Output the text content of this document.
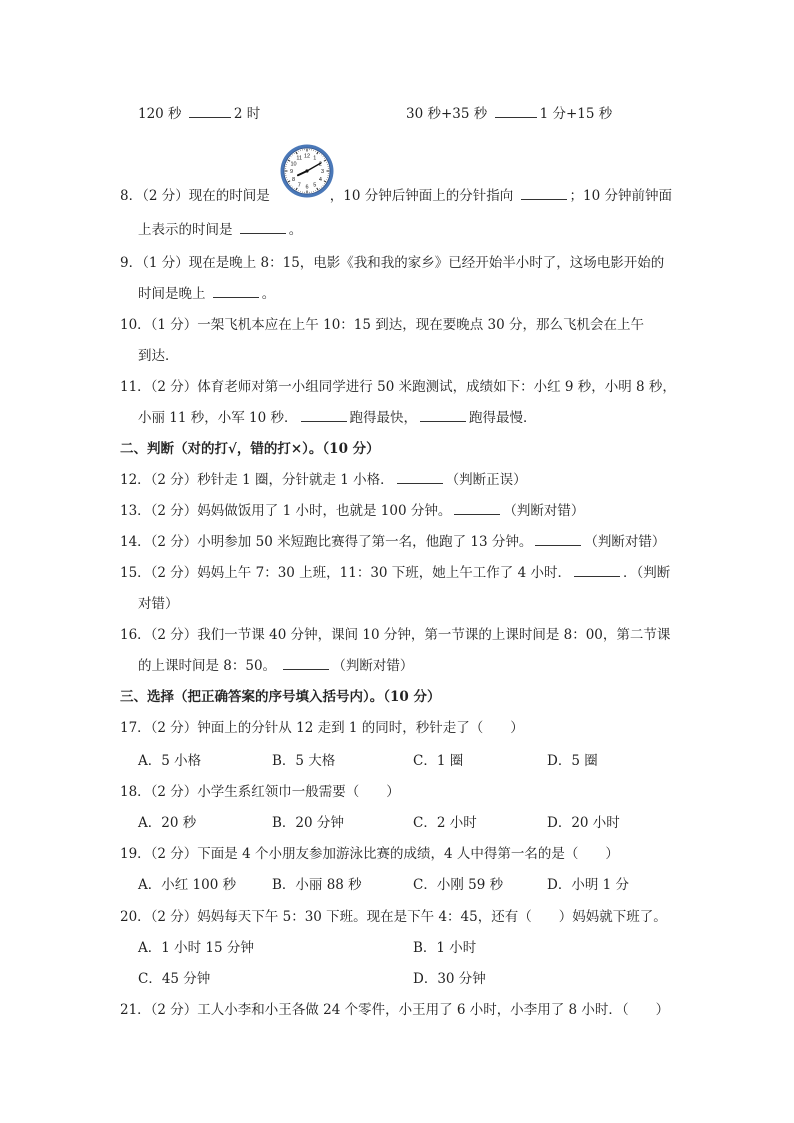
120 秒	2 时	30 秒+35 秒	1 分+15 秒
12 1
2
3
4
5
6
7
8
9
10
11
8．（2 分）现在的时间是	，10 分钟后钟面上的分针指向	；10 分钟前钟面
上表示的时间是	。
9．（1 分）现在是晚上 8：15，电影《我和我的家乡》已经开始半小时了，这场电影开始的
时间是晚上	。
10．（1 分）一架飞机本应在上午 10：15 到达，现在要晚点 30 分，那么飞机会在上午
到达．
11．（2 分）体育老师对第一小组同学进行 50 米跑测试，成绩如下：小红 9 秒，小明 8 秒，
小丽 11 秒，小军 10 秒．	跑得最快，	跑得最慢．
二、判断（对的打√，错的打×）。（10 分）
12．（2 分）秒针走 1 圈，分针就走 1 小格．	（判断正误）
13．（2 分）妈妈做饭用了 1 小时，也就是 100 分钟。	（判断对错）
14．（2 分）小明参加 50 米短跑比赛得了第一名，他跑了 13 分钟。	（判断对错）
15．（2 分）妈妈上午 7：30 上班，11：30 下班，她上午工作了 4 小时．	．（判断
对错）
16．（2 分）我们一节课 40 分钟，课间 10 分钟，第一节课的上课时间是 8：00，第二节课
的上课时间是 8：50。	（判断对错）
三、选择（把正确答案的序号填入括号内）。（10 分）
17．（2 分）钟面上的分针从 12 走到 1 的同时，秒针走了（　　）
A．5 小格	B．5 大格	C．1 圈	D．5 圈
18．（2 分）小学生系红领巾一般需要（　　）
A．20 秒	B．20 分钟	C．2 小时	D．20 小时
19．（2 分）下面是 4 个小朋友参加游泳比赛的成绩，4 人中得第一名的是（　　）
A．小红 100 秒	B．小丽 88 秒	C．小刚 59 秒	D．小明 1 分
20．（2 分）妈妈每天下午 5：30 下班。现在是下午 4：45，还有（　　）妈妈就下班了。
A．1 小时 15 分钟	B．1 小时
C．45 分钟	D．30 分钟
21．（2 分）工人小李和小王各做 24 个零件，小王用了 6 小时，小李用了 8 小时．（　　）
